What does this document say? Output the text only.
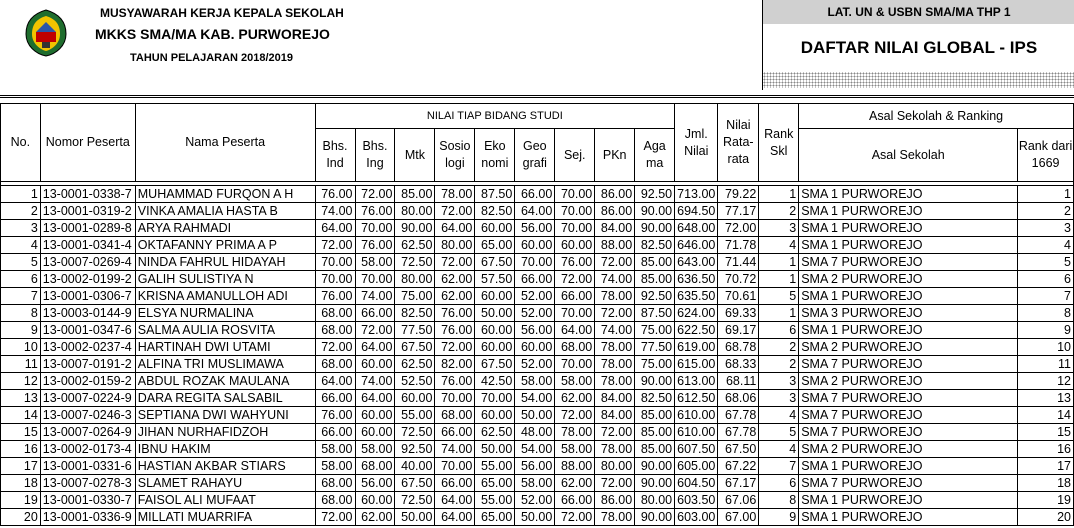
MUSYAWARAH KERJA KEPALA SEKOLAH
MKKS SMA/MA KAB. PURWOREJO
TAHUN PELAJARAN 2018/2019
LAT. UN & USBN SMA/MA THP 1
DAFTAR NILAI GLOBAL - IPS
No.	Nomor Peserta	Nama Peserta	NILAI TIAP BIDANG STUDI									Jml. Nilai	Nilai Rata- rata	Rank Skl	Asal Sekolah & Ranking	
			Bhs. Ind	Bhs. Ing	Mtk	Sosio logi	Eko nomi	Geo grafi	Sej.	PKn	Aga ma				Asal Sekolah	Rank dari 1669

1	13-0001-0338-7	MUHAMMAD FURQON A H	76.00	72.00	85.00	78.00	87.50	66.00	70.00	86.00	92.50	713.00	79.22	1	SMA 1 PURWOREJO	1
2	13-0001-0319-2	VINKA AMALIA HASTA B	74.00	76.00	80.00	72.00	82.50	64.00	70.00	86.00	90.00	694.50	77.17	2	SMA 1 PURWOREJO	2
3	13-0001-0289-8	ARYA RAHMADI	64.00	70.00	90.00	64.00	60.00	56.00	70.00	84.00	90.00	648.00	72.00	3	SMA 1 PURWOREJO	3
4	13-0001-0341-4	OKTAFANNY PRIMA A P	72.00	76.00	62.50	80.00	65.00	60.00	60.00	88.00	82.50	646.00	71.78	4	SMA 1 PURWOREJO	4
5	13-0007-0269-4	NINDA FAHRUL HIDAYAH	70.00	58.00	72.50	72.00	67.50	70.00	76.00	72.00	85.00	643.00	71.44	1	SMA 7 PURWOREJO	5
6	13-0002-0199-2	GALIH SULISTIYA N	70.00	70.00	80.00	62.00	57.50	66.00	72.00	74.00	85.00	636.50	70.72	1	SMA 2 PURWOREJO	6
7	13-0001-0306-7	KRISNA AMANULLOH ADI	76.00	74.00	75.00	62.00	60.00	52.00	66.00	78.00	92.50	635.50	70.61	5	SMA 1 PURWOREJO	7
8	13-0003-0144-9	ELSYA NURMALINA	68.00	66.00	82.50	76.00	50.00	52.00	70.00	72.00	87.50	624.00	69.33	1	SMA 3 PURWOREJO	8
9	13-0001-0347-6	SALMA AULIA ROSVITA	68.00	72.00	77.50	76.00	60.00	56.00	64.00	74.00	75.00	622.50	69.17	6	SMA 1 PURWOREJO	9
10	13-0002-0237-4	HARTINAH DWI UTAMI	72.00	64.00	67.50	72.00	60.00	60.00	68.00	78.00	77.50	619.00	68.78	2	SMA 2 PURWOREJO	10
11	13-0007-0191-2	ALFINA TRI MUSLIMAWA	68.00	60.00	62.50	82.00	67.50	52.00	70.00	78.00	75.00	615.00	68.33	2	SMA 7 PURWOREJO	11
12	13-0002-0159-2	ABDUL ROZAK MAULANA	64.00	74.00	52.50	76.00	42.50	58.00	58.00	78.00	90.00	613.00	68.11	3	SMA 2 PURWOREJO	12
13	13-0007-0224-9	DARA REGITA SALSABIL	66.00	64.00	60.00	70.00	70.00	54.00	62.00	84.00	82.50	612.50	68.06	3	SMA 7 PURWOREJO	13
14	13-0007-0246-3	SEPTIANA DWI WAHYUNI	76.00	60.00	55.00	68.00	60.00	50.00	72.00	84.00	85.00	610.00	67.78	4	SMA 7 PURWOREJO	14
15	13-0007-0264-9	JIHAN NURHAFIDZOH	66.00	60.00	72.50	66.00	62.50	48.00	78.00	72.00	85.00	610.00	67.78	5	SMA 7 PURWOREJO	15
16	13-0002-0173-4	IBNU HAKIM	58.00	58.00	92.50	74.00	50.00	54.00	58.00	78.00	85.00	607.50	67.50	4	SMA 2 PURWOREJO	16
17	13-0001-0331-6	HASTIAN AKBAR STIARS	58.00	68.00	40.00	70.00	55.00	56.00	88.00	80.00	90.00	605.00	67.22	7	SMA 1 PURWOREJO	17
18	13-0007-0278-3	SLAMET RAHAYU	68.00	56.00	67.50	66.00	65.00	58.00	62.00	72.00	90.00	604.50	67.17	6	SMA 7 PURWOREJO	18
19	13-0001-0330-7	FAISOL ALI MUFAAT	68.00	60.00	72.50	64.00	55.00	52.00	66.00	86.00	80.00	603.50	67.06	8	SMA 1 PURWOREJO	19
20	13-0001-0336-9	MILLATI MUARRIFA	72.00	62.00	50.00	64.00	65.00	50.00	72.00	78.00	90.00	603.00	67.00	9	SMA 1 PURWOREJO	20
